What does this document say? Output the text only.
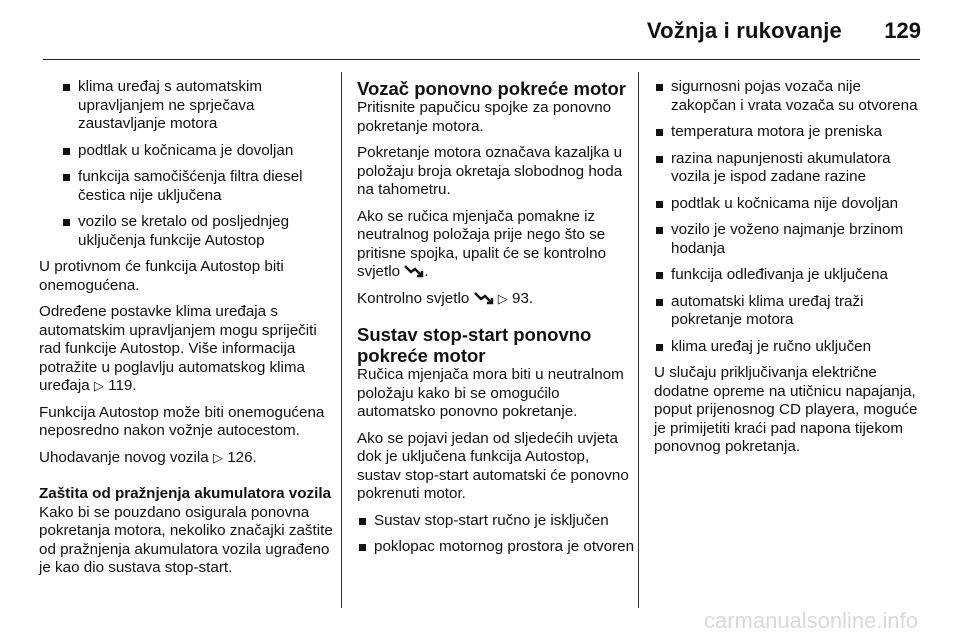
Vožnja i rukovanje 129
klima uređaj s automatskim upravljanjem ne sprječava zaustavljanje motora
podtlak u kočnicama je dovoljan
funkcija samočišćenja filtra diesel čestica nije uključena
vozilo se kretalo od posljednjeg uključenja funkcije Autostop

U protivnom će funkcija Autostop biti onemogućena.

Određene postavke klima uređaja s automatskim upravljanjem mogu spriječiti rad funkcije Autostop. Više informacija potražite u poglavlju automatskog klima uređaja ▷ 119.

Funkcija Autostop može biti onemogućena neposredno nakon vožnje autocestom.

Uhodavanje novog vozila ▷ 126.

Zaštita od pražnjenja akumulatora vozila

Kako bi se pouzdano osigurala ponovna pokretanja motora, nekoliko značajki zaštite od pražnjenja akumulatora vozila ugrađeno je kao dio sustava stop-start.

Vozač ponovno pokreće motor

Pritisnite papučicu spojke za ponovno pokretanje motora.

Pokretanje motora označava kazaljka u položaju broja okretaja slobodnog hoda na tahometru.

Ako se ručica mjenjača pomakne iz neutralnog položaja prije nego što se pritisne spojka, upalit će se kontrolno svjetlo .

Kontrolno svjetlo ▷ 93.

Sustav stop-start ponovno pokreće motor

Ručica mjenjača mora biti u neutralnom položaju kako bi se omogućilo automatsko ponovno pokretanje.

Ako se pojavi jedan od sljedećih uvjeta dok je uključena funkcija Autostop, sustav stop-start automatski će ponovno pokrenuti motor.

Sustav stop-start ručno je isključen
poklopac motornog prostora je otvoren
sigurnosni pojas vozača nije zakopčan i vrata vozača su otvorena
temperatura motora je preniska
razina napunjenosti akumulatora vozila je ispod zadane razine
podtlak u kočnicama nije dovoljan
vozilo je voženo najmanje brzinom hodanja
funkcija odleđivanja je uključena
automatski klima uređaj traži pokretanje motora
klima uređaj je ručno uključen

U slučaju priključivanja električne dodatne opreme na utičnicu napajanja, poput prijenosnog CD playera, moguće je primijetiti kraći pad napona tijekom ponovnog pokretanja.

carmanualsonline.info
